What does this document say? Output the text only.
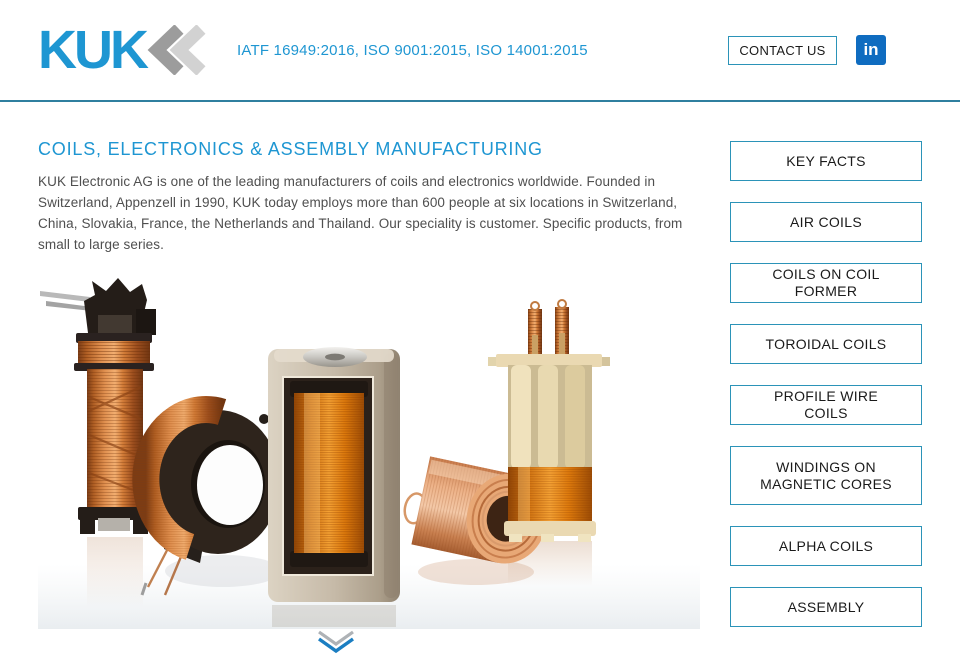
KUK	IATF 16949:2016, ISO 9001:2015, ISO 14001:2015	CONTACT US	in
COILS, ELECTRONICS & ASSEMBLY MANUFACTURING

KUK Electronic AG is one of the leading manufacturers of coils and electronics worldwide. Founded in Switzerland, Appenzell in 1990, KUK today employs more than 600 people at six locations in Switzerland, China, Slovakia, France, the Netherlands and Thailand. Our speciality is customer. Specific products, from small to large series.

KEY FACTS
AIR COILS
COILS ON COIL FORMER
TOROIDAL COILS
PROFILE WIRE COILS
WINDINGS ON MAGNETIC CORES
ALPHA COILS
ASSEMBLY
